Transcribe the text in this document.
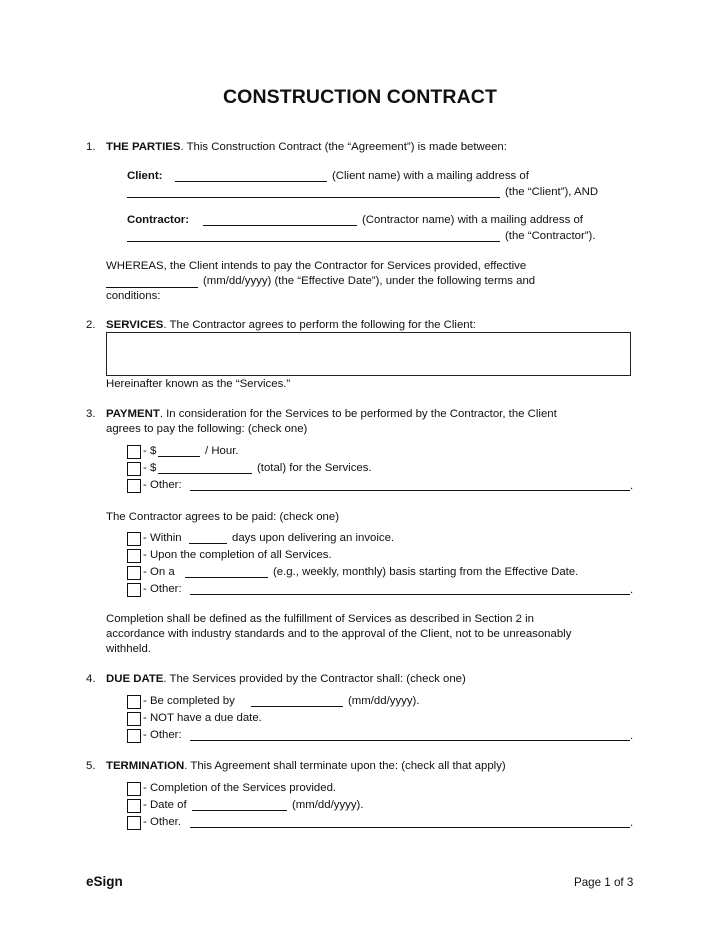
CONSTRUCTION CONTRACT
1. THE PARTIES. This Construction Contract (the “Agreement”) is made between:
Client:	(Client name) with a mailing address of
(the “Client”), AND
Contractor:	(Contractor name) with a mailing address of
(the “Contractor”).
WHEREAS, the Client intends to pay the Contractor for Services provided, effective
(mm/dd/yyyy) (the “Effective Date”), under the following terms and
conditions:
2. SERVICES. The Contractor agrees to perform the following for the Client:
Hereinafter known as the “Services.”
3. PAYMENT. In consideration for the Services to be performed by the Contractor, the Client
agrees to pay the following: (check one)
- $	/ Hour.
- $	(total) for the Services.
- Other:	.
The Contractor agrees to be paid: (check one)
- Within	days upon delivering an invoice.
- Upon the completion of all Services.
- On a	(e.g., weekly, monthly) basis starting from the Effective Date.
- Other:	.
Completion shall be defined as the fulfillment of Services as described in Section 2 in
accordance with industry standards and to the approval of the Client, not to be unreasonably
withheld.
4. DUE DATE. The Services provided by the Contractor shall: (check one)
- Be completed by	(mm/dd/yyyy).
- NOT have a due date.
- Other:	.
5. TERMINATION. This Agreement shall terminate upon the: (check all that apply)
- Completion of the Services provided.
- Date of	(mm/dd/yyyy).
- Other.	.
eSign	Page 1 of 3
